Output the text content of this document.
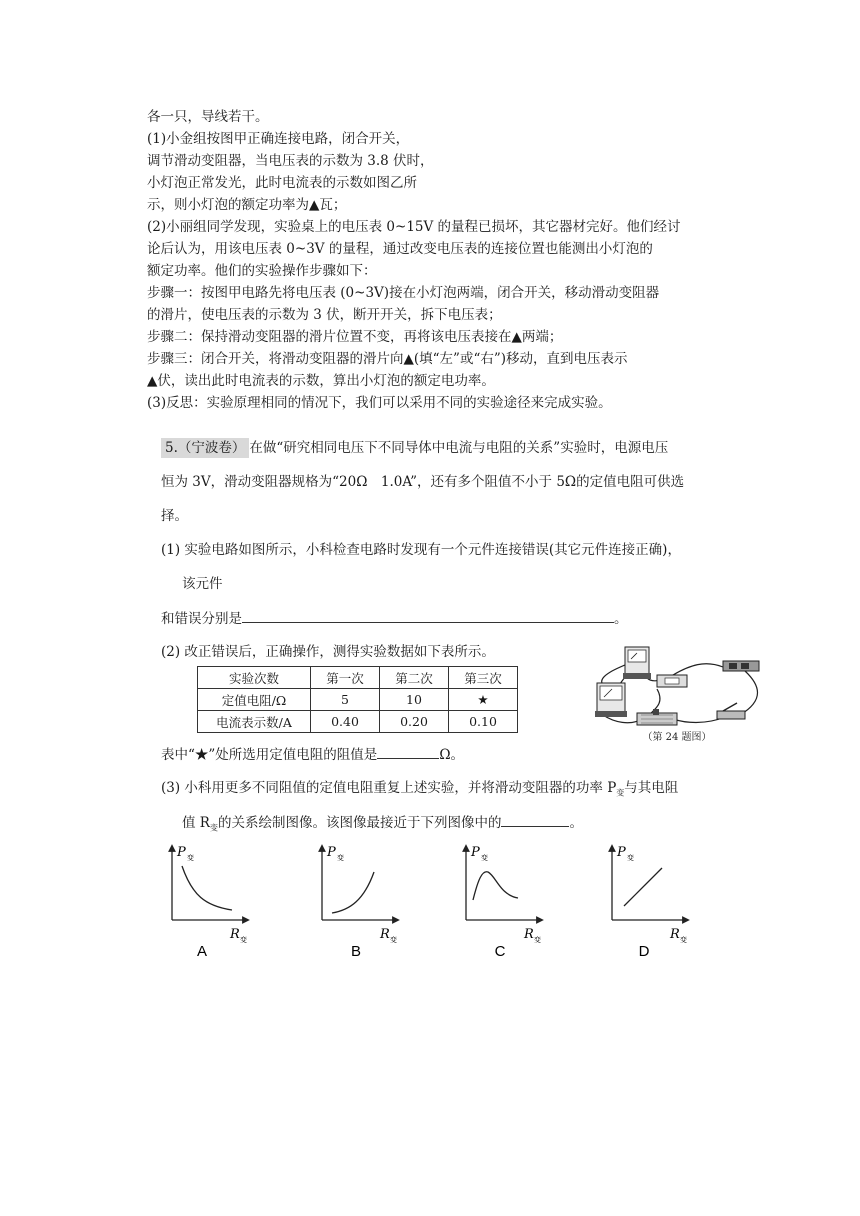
各一只，导线若干。
(1)小金组按图甲正确连接电路，闭合开关，
调节滑动变阻器，当电压表的示数为 3.8 伏时，
小灯泡正常发光，此时电流表的示数如图乙所
示，则小灯泡的额定功率为▲瓦；
(2)小丽组同学发现，实验桌上的电压表 0~15V 的量程已损坏，其它器材完好。他们经讨
论后认为，用该电压表 0~3V 的量程，通过改变电压表的连接位置也能测出小灯泡的
额定功率。他们的实验操作步骤如下：
步骤一：按图甲电路先将电压表 (0~3V)接在小灯泡两端，闭合开关，移动滑动变阻器
的滑片，使电压表的示数为 3 伏，断开开关，拆下电压表；
步骤二：保持滑动变阻器的滑片位置不变，再将该电压表接在▲两端；
步骤三：闭合开关，将滑动变阻器的滑片向▲(填“左”或“右”)移动，直到电压表示
▲伏，读出此时电流表的示数，算出小灯泡的额定电功率。
(3)反思：实验原理相同的情况下，我们可以采用不同的实验途径来完成实验。
5.（宁波卷） 在做“研究相同电压下不同导体中电流与电阻的关系”实验时，电源电压
恒为 3V，滑动变阻器规格为“20Ω　1.0A”，还有多个阻值不小于 5Ω的定值电阻可供选
择。
(1) 实验电路如图所示，小科检查电路时发现有一个元件连接错误(其它元件连接正确)，
该元件
和错误分别是	。
(2) 改正错误后，正确操作，测得实验数据如下表所示。
实验次数	第一次	第二次	第三次
定值电阻/Ω	5	10	★
电流表示数/A	0.40	0.20	0.10
（第 24 题图）
表中“★”处所选用定值电阻的阻值是	Ω。
(3) 小科用更多不同阻值的定值电阻重复上述实验，并将滑动变阻器的功率 $P_变$与其电阻
值 $R_变$的关系绘制图像。该图像最接近于下列图像中的	。
P 变
R 变
A
P 变
R 变
B
P 变
R 变
C
P 变
R 变
D
